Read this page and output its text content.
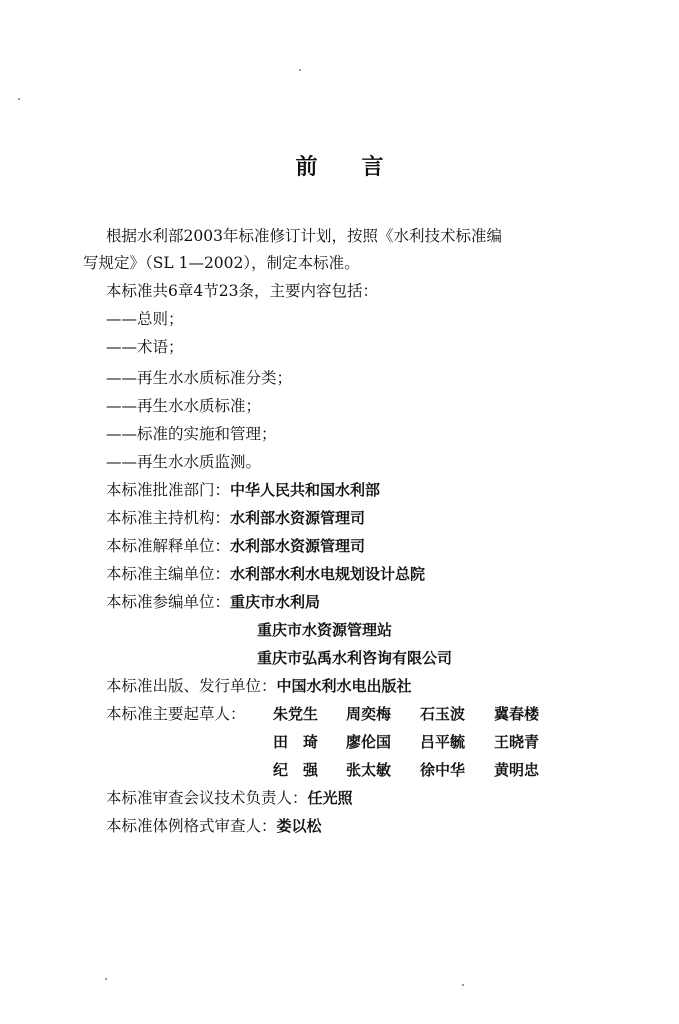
前 言
根据水利部2003年标准修订计划，按照《水利技术标准编
写规定》（SL 1—2002），制定本标准。
本标准共6章4节23条，主要内容包括：
——总则；
——术语；
——再生水水质标准分类；
——再生水水质标准；
——标准的实施和管理；
——再生水水质监测。
本标准批准部门：中华人民共和国水利部
本标准主持机构：水利部水资源管理司
本标准解释单位：水利部水资源管理司
本标准主编单位：水利部水利水电规划设计总院
本标准参编单位：重庆市水利局
重庆市水资源管理站
重庆市弘禹水利咨询有限公司
本标准出版、发行单位：中国水利水电出版社
本标准主要起草人： 朱党生 周奕梅 石玉波 冀春楼
田　琦 廖伦国 吕平毓 王晓青
纪　强 张太敏 徐中华 黄明忠
本标准审查会议技术负责人：任光照
本标准体例格式审查人：娄以松
